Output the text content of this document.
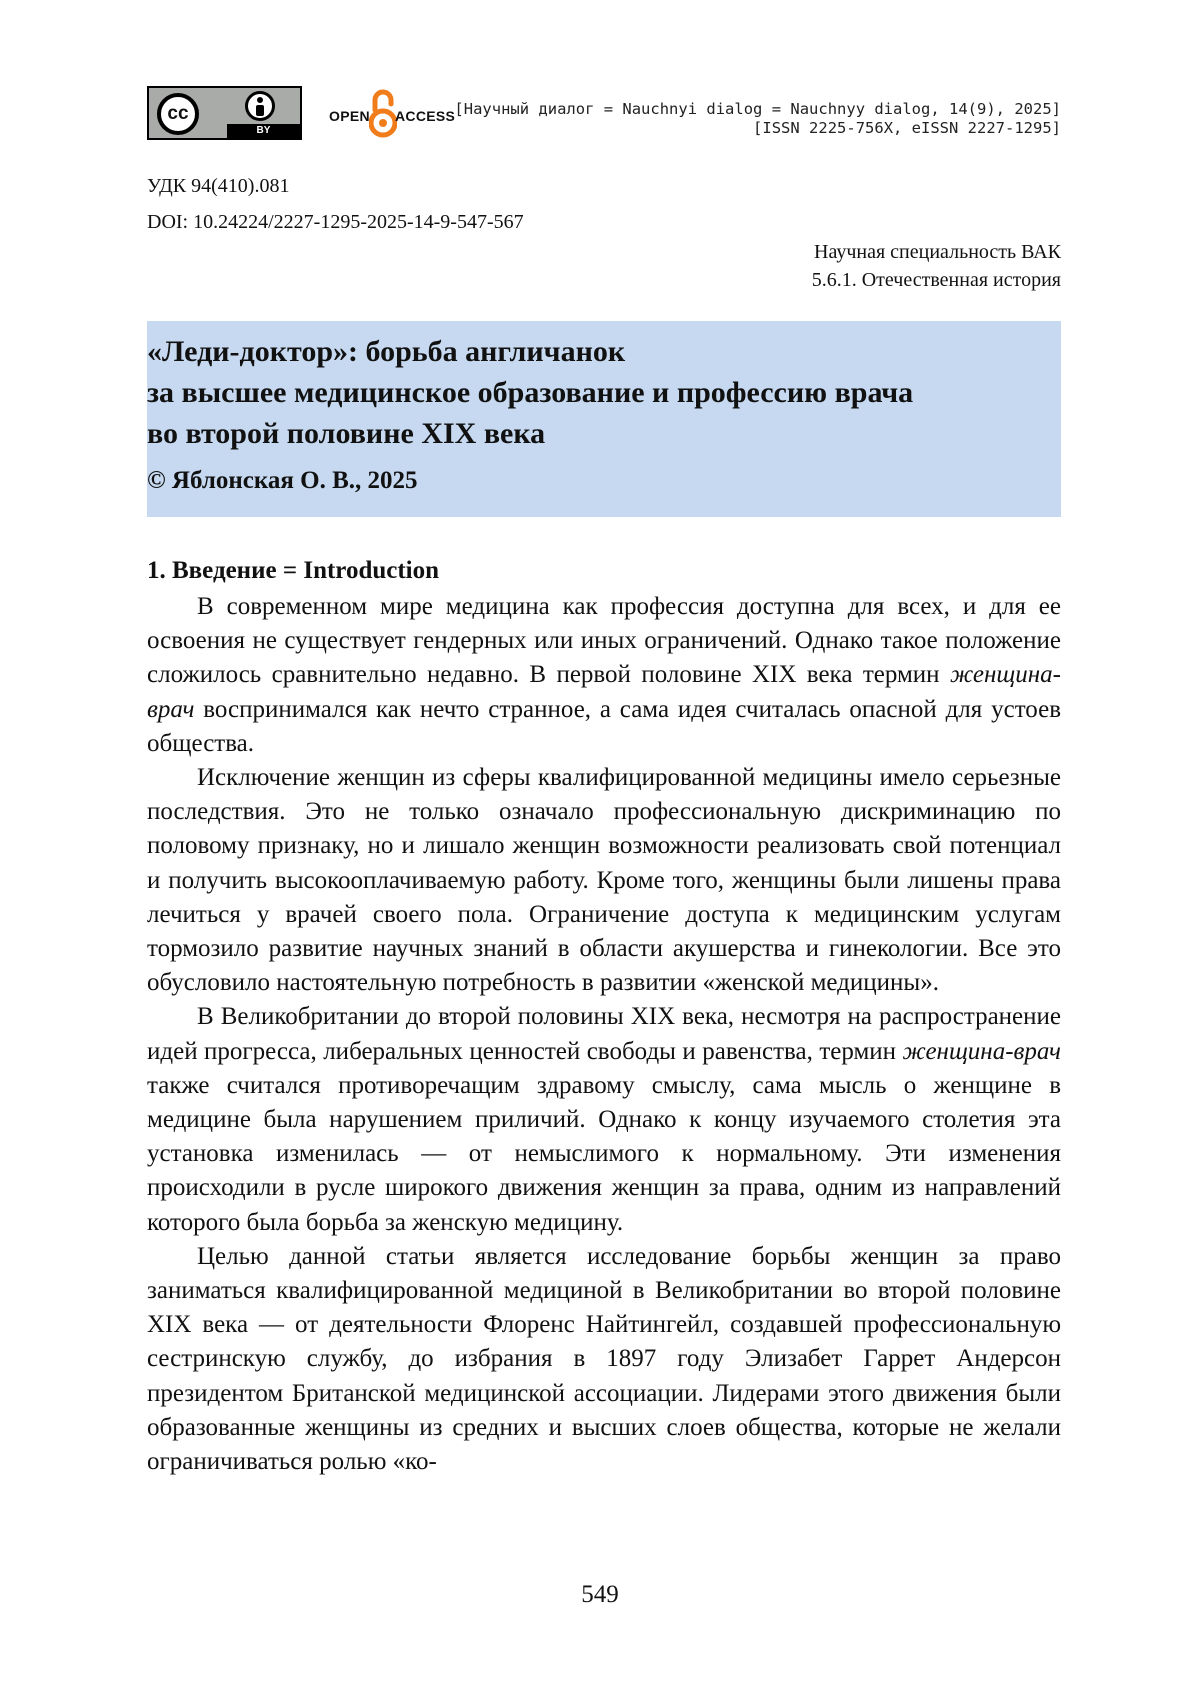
cc
BY
OPEN ACCESS [Научный диалог = Nauchnyi dialog = Nauchnyy dialog, 14(9), 2025]
[ISSN 2225-756X, eISSN 2227-1295]
УДК 94(410).081
DOI: 10.24224/2227-1295-2025-14-9-547-567
Научная специальность ВАК
5.6.1. Отечественная история
«Леди-доктор»: борьба англичанок
за высшее медицинское образование и профессию врача
во второй половине XIX века
© Яблонская О. В., 2025
1. Введение = Introduction

В современном мире медицина как профессия доступна для всех, и для ее освоения не существует гендерных или иных ограничений. Однако такое положение сложилось сравнительно недавно. В первой половине XIX века термин женщина-врач воспринимался как нечто странное, а сама идея считалась опасной для устоев общества.

Исключение женщин из сферы квалифицированной медицины имело серьезные последствия. Это не только означало профессиональную дискриминацию по половому признаку, но и лишало женщин возможности реализовать свой потенциал и получить высокооплачиваемую работу. Кроме того, женщины были лишены права лечиться у врачей своего пола. Ограничение доступа к медицинским услугам тормозило развитие научных знаний в области акушерства и гинекологии. Все это обусловило настоятельную потребность в развитии «женской медицины».

В Великобритании до второй половины XIX века, несмотря на распространение идей прогресса, либеральных ценностей свободы и равенства, термин женщина-врач также считался противоречащим здравому смыслу, сама мысль о женщине в медицине была нарушением приличий. Однако к концу изучаемого столетия эта установка изменилась — от немыслимого к нормальному. Эти изменения происходили в русле широкого движения женщин за права, одним из направлений которого была борьба за женскую медицину.

Целью данной статьи является исследование борьбы женщин за право заниматься квалифицированной медициной в Великобритании во второй половине XIX века — от деятельности Флоренс Найтингейл, создавшей профессиональную сестринскую службу, до избрания в 1897 году Элизабет Гаррет Андерсон президентом Британской медицинской ассоциации. Лидерами этого движения были образованные женщины из средних и высших слоев общества, которые не желали ограничиваться ролью «ко-

549
